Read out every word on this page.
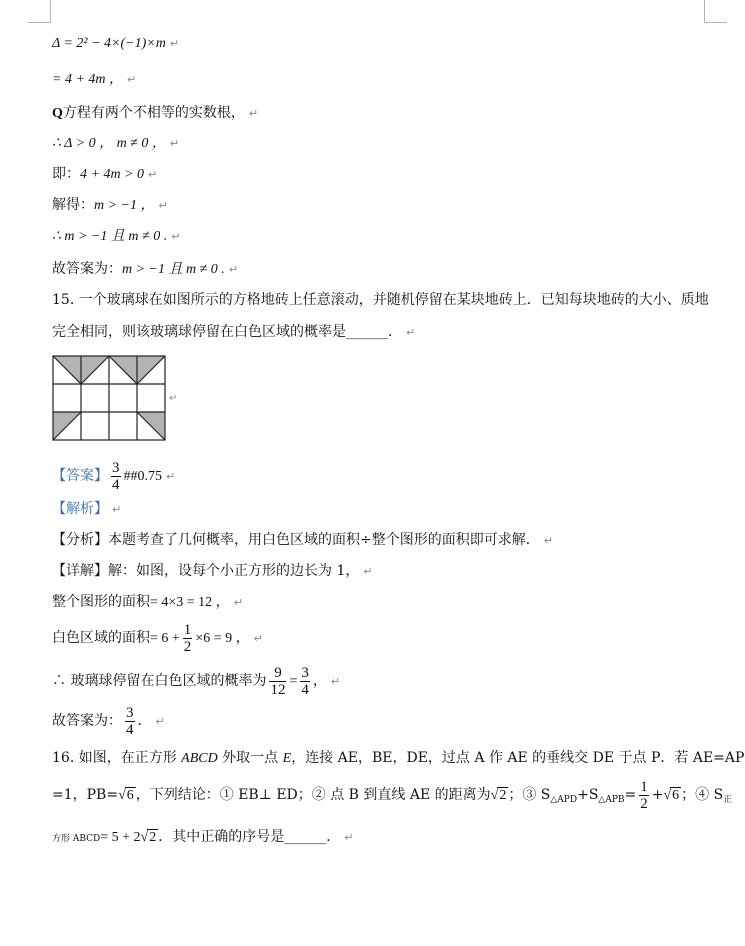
Δ = 2² − 4×(−1)×m ↵
= 4 + 4m ， ↵
Q方程有两个不相等的实数根， ↵
∴ Δ > 0 ， m ≠ 0 ， ↵
即：4 + 4m > 0 ↵
解得：m > −1 ， ↵
∴ m > −1 且 m ≠ 0 . ↵
故答案为：m > −1 且 m ≠ 0 . ↵
15. 一个玻璃球在如图所示的方格地砖上任意滚动，并随机停留在某块地砖上．已知每块地砖的大小、质地
完全相同，则该玻璃球停留在白色区域的概率是______． ↵
↵
【答案】 $\frac{3}{4}$ ##0.75 ↵
【解析】 ↵
【分析】本题考查了几何概率，用白色区域的面积÷整个图形的面积即可求解． ↵
【详解】解：如图，设每个小正方形的边长为 1， ↵
整个图形的面积= 4×3 = 12 ， ↵
白色区域的面积= $6 + \frac{1}{2} \times 6 = 9$ ， ↵
∴ 玻璃球停留在白色区域的概率为 $\frac{9}{12} = \frac{3}{4}$ ， ↵
故答案为： $\frac{3}{4}$ ． ↵
16. 如图，在正方形 ABCD 外取一点 E，连接 AE，BE，DE，过点 A 作 AE 的垂线交 DE 于点 P．若 AE=AP
=1，PB=√6 ，下列结论：① EB⊥ ED；② 点 B 到直线 AE 的距离为√2 ；③ $S_{\triangle APD}+S_{\triangle APB}= \frac{1}{2} +√6$ ；④ $S_正$
方形 ABCD= 5 + 2√2 ．其中正确的序号是______． ↵
